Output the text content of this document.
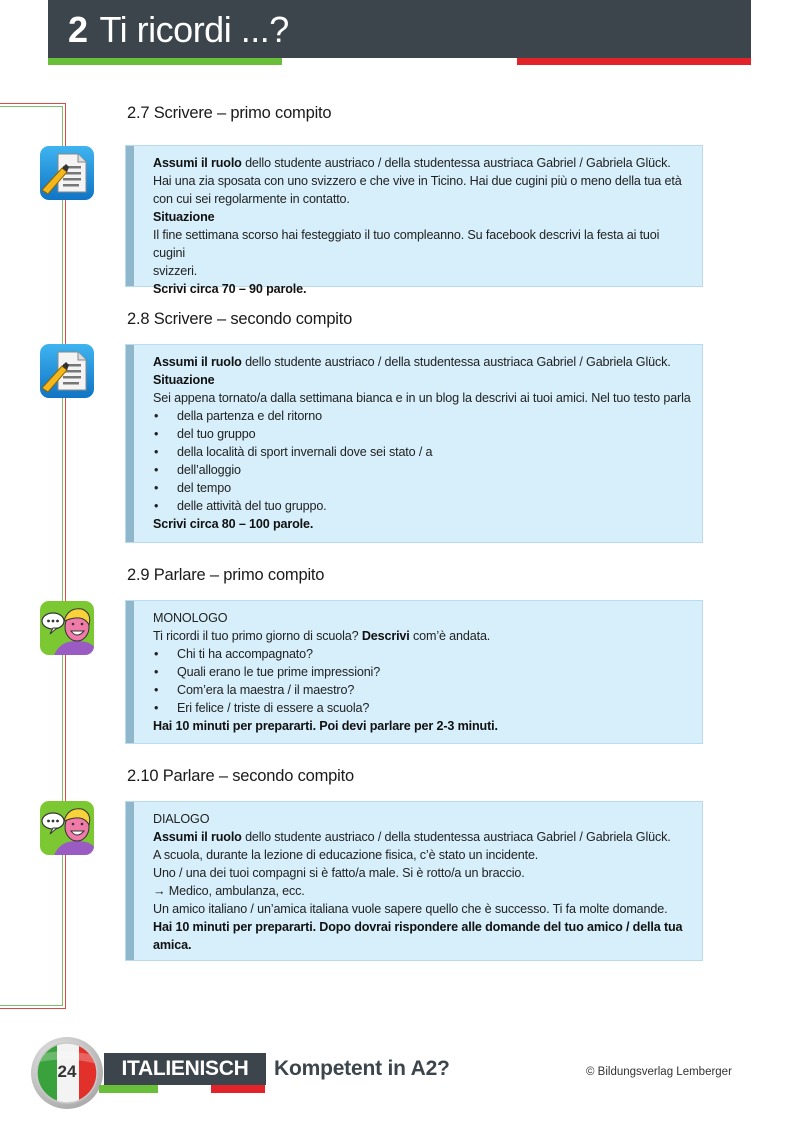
2 Ti ricordi ...?
2.7 Scrivere – primo compito
Assumi il ruolo dello studente austriaco / della studentessa austriaca Gabriel / Gabriela Glück.
Hai una zia sposata con uno svizzero e che vive in Ticino. Hai due cugini più o meno della tua età
con cui sei regolarmente in contatto.
Situazione
Il fine settimana scorso hai festeggiato il tuo compleanno. Su facebook descrivi la festa ai tuoi cugini
svizzeri.
Scrivi circa 70 – 90 parole.
2.8 Scrivere – secondo compito
Assumi il ruolo dello studente austriaco / della studentessa austriaca Gabriel / Gabriela Glück.
Situazione
Sei appena tornato/a dalla settimana bianca e in un blog la descrivi ai tuoi amici. Nel tuo testo parla
• della partenza e del ritorno
• del tuo gruppo
• della località di sport invernali dove sei stato / a
• dell’alloggio
• del tempo
• delle attività del tuo gruppo.
Scrivi circa 80 – 100 parole.
2.9 Parlare – primo compito
MONOLOGO
Ti ricordi il tuo primo giorno di scuola? Descrivi com’è andata.
• Chi ti ha accompagnato?
• Quali erano le tue prime impressioni?
• Com’era la maestra / il maestro?
• Eri felice / triste di essere a scuola?
Hai 10 minuti per prepararti. Poi devi parlare per 2-3 minuti.
2.10 Parlare – secondo compito
DIALOGO
Assumi il ruolo dello studente austriaco / della studentessa austriaca Gabriel / Gabriela Glück.
A scuola, durante la lezione di educazione fisica, c’è stato un incidente.
Uno / una dei tuoi compagni si è fatto/a male. Si è rotto/a un braccio.
→ Medico, ambulanza, ecc.
Un amico italiano / un’amica italiana vuole sapere quello che è successo. Ti fa molte domande.
Hai 10 minuti per prepararti. Dopo dovrai rispondere alle domande del tuo amico / della tua
amica.
24	ITALIENISCH	Kompetent in A2?	© Bildungsverlag Lemberger
